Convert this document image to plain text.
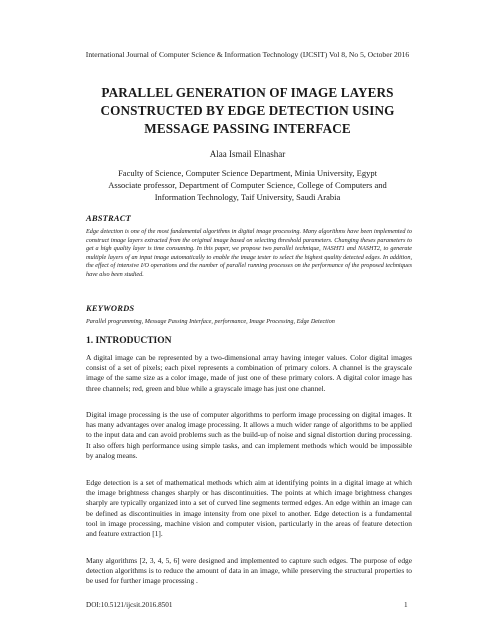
International Journal of Computer Science & Information Technology (IJCSIT) Vol 8, No 5, October 2016
PARALLEL GENERATION OF IMAGE LAYERS
CONSTRUCTED BY EDGE DETECTION USING
MESSAGE PASSING INTERFACE
Alaa Ismail Elnashar
Faculty of Science, Computer Science Department, Minia University, Egypt
Associate professor, Department of Computer Science, College of Computers and
Information Technology, Taif University, Saudi Arabia
ABSTRACT
Edge detection is one of the most fundamental algorithms in digital image processing. Many algorithms have been implemented to construct image layers extracted from the original image based on selecting threshold parameters. Changing theses parameters to get a high quality layer is time consuming. In this paper, we propose two parallel technique, NASHT1 and NASHT2, to generate multiple layers of an input image automatically to enable the image tester to select the highest quality detected edges. In addition, the effect of intensive I/O operations and the number of parallel running processes on the performance of the proposed techniques have also been studied.
KEYWORDS
Parallel programming, Message Passing Interface, performance, Image Processing, Edge Detection
1. INTRODUCTION
A digital image can be represented by a two-dimensional array having integer values. Color digital images consist of a set of pixels; each pixel represents a combination of primary colors. A channel is the grayscale image of the same size as a color image, made of just one of these primary colors. A digital color image has three channels; red, green and blue while a grayscale image has just one channel.
Digital image processing is the use of computer algorithms to perform image processing on digital images. It has many advantages over analog image processing. It allows a much wider range of algorithms to be applied to the input data and can avoid problems such as the build-up of noise and signal distortion during processing. It also offers high performance using simple tasks, and can implement methods which would be impossible by analog means.
Edge detection is a set of mathematical methods which aim at identifying points in a digital image at which the image brightness changes sharply or has discontinuities. The points at which image brightness changes sharply are typically organized into a set of curved line segments termed edges. An edge within an image can be defined as discontinuities in image intensity from one pixel to another. Edge detection is a fundamental tool in image processing, machine vision and computer vision, particularly in the areas of feature detection and feature extraction [1].
Many algorithms [2, 3, 4, 5, 6] were designed and implemented to capture such edges. The purpose of edge detection algorithms is to reduce the amount of data in an image, while preserving the structural properties to be used for further image processing .
DOI:10.5121/ijcsit.2016.8501	1
